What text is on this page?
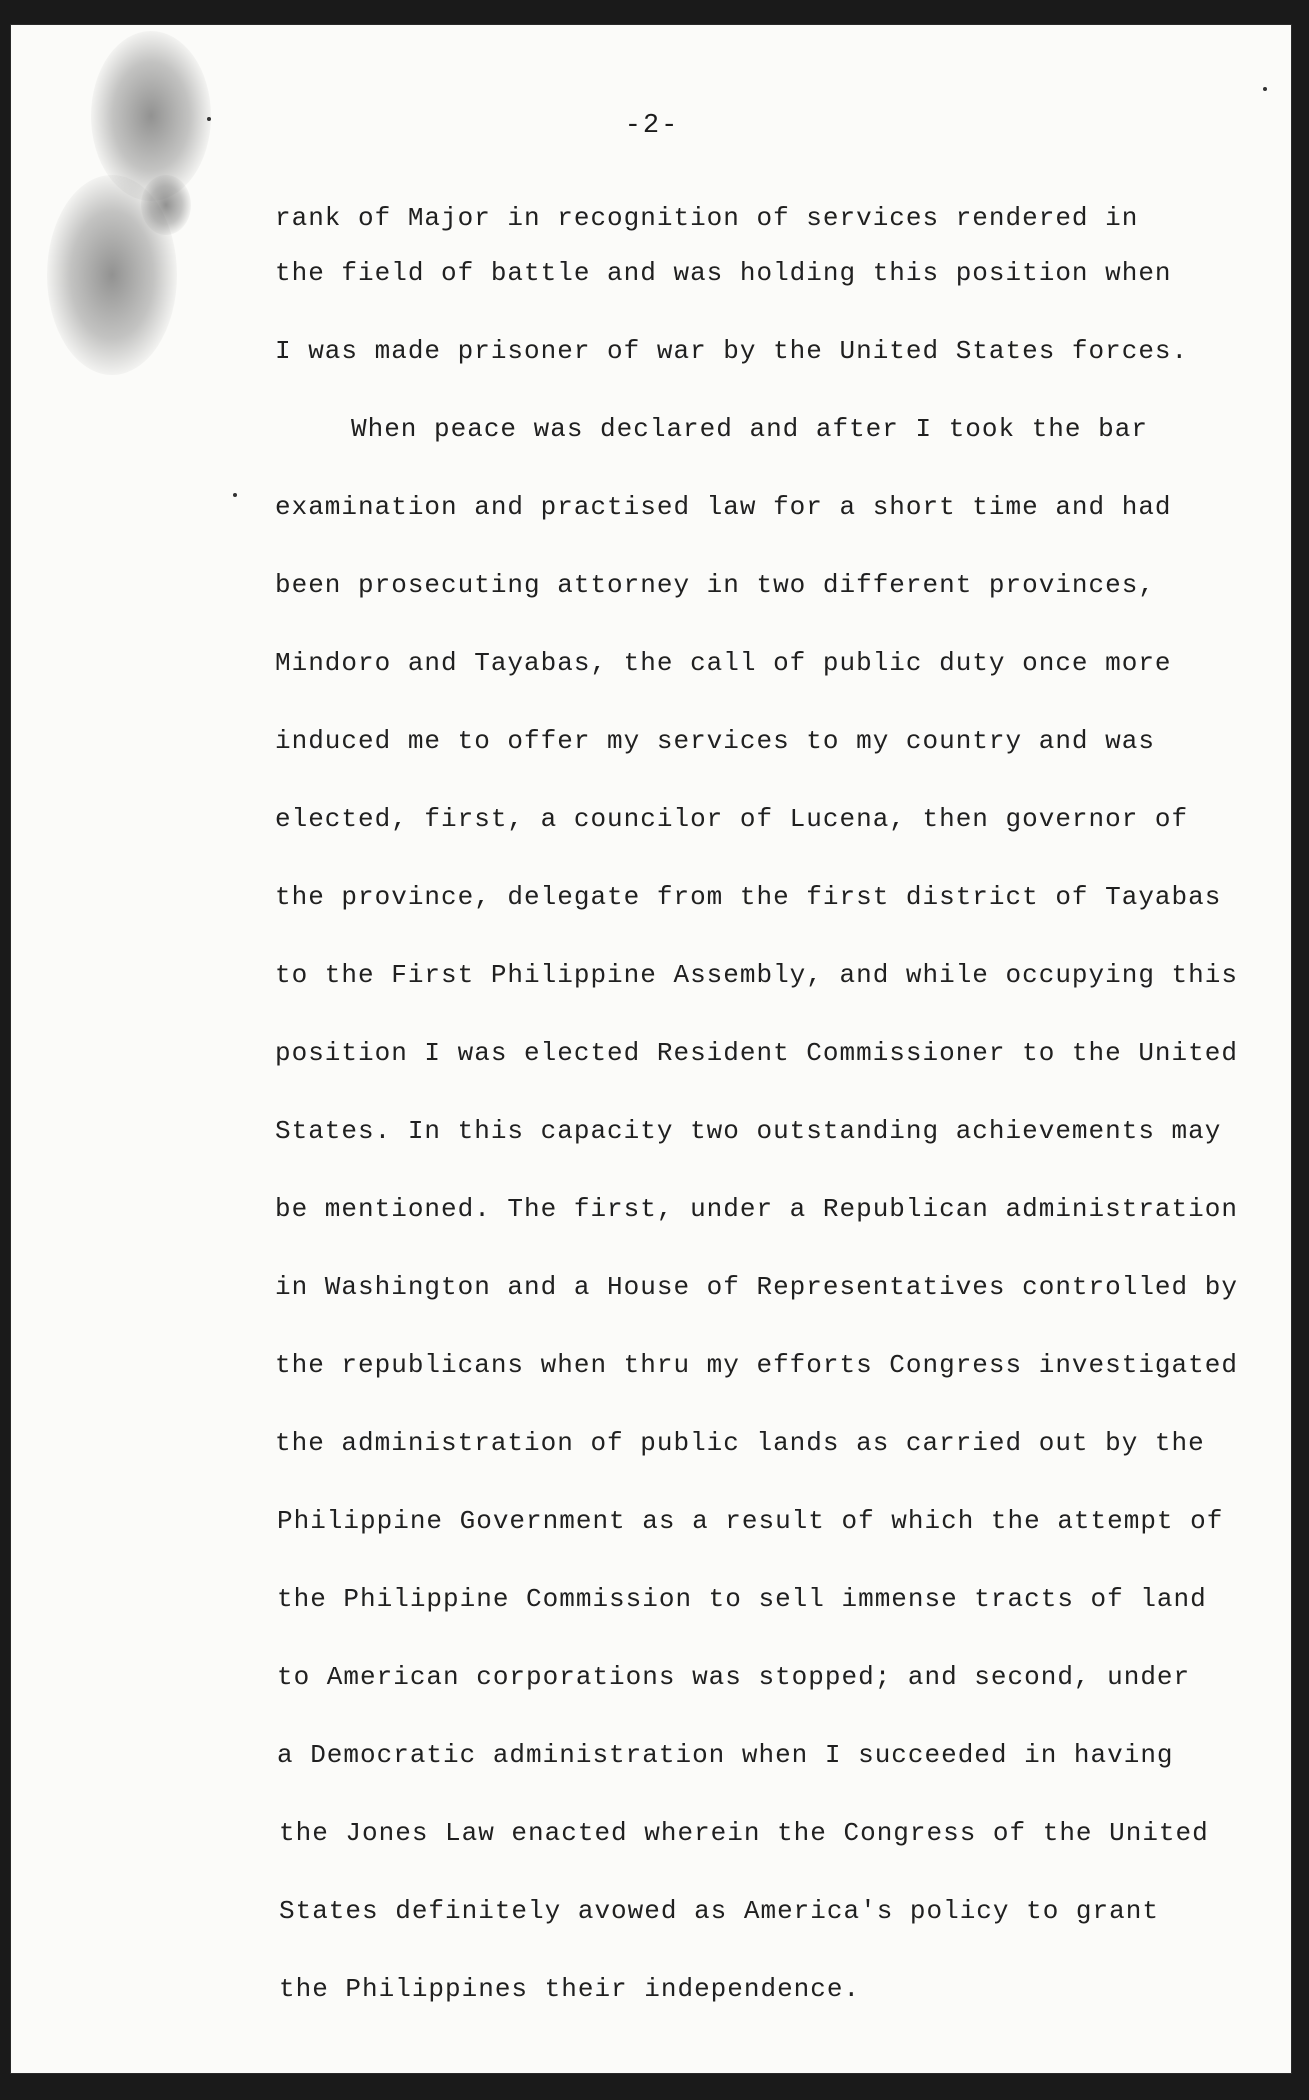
-2-
rank of Major in recognition of services rendered in
the field of battle and was holding this position when
I was made prisoner of war by the United States forces.
When peace was declared and after I took the bar
examination and practised law for a short time and had
been prosecuting attorney in two different provinces,
Mindoro and Tayabas, the call of public duty once more
induced me to offer my services to my country and was
elected, first, a councilor of Lucena, then governor of
the province, delegate from the first district of Tayabas
to the First Philippine Assembly, and while occupying this
position I was elected Resident Commissioner to the United
States. In this capacity two outstanding achievements may
be mentioned. The first, under a Republican administration
in Washington and a House of Representatives controlled by
the republicans when thru my efforts Congress investigated
the administration of public lands as carried out by the
Philippine Government as a result of which the attempt of
the Philippine Commission to sell immense tracts of land
to American corporations was stopped; and second, under
a Democratic administration when I succeeded in having
the Jones Law enacted wherein the Congress of the United
States definitely avowed as America's policy to grant
the Philippines their independence.
